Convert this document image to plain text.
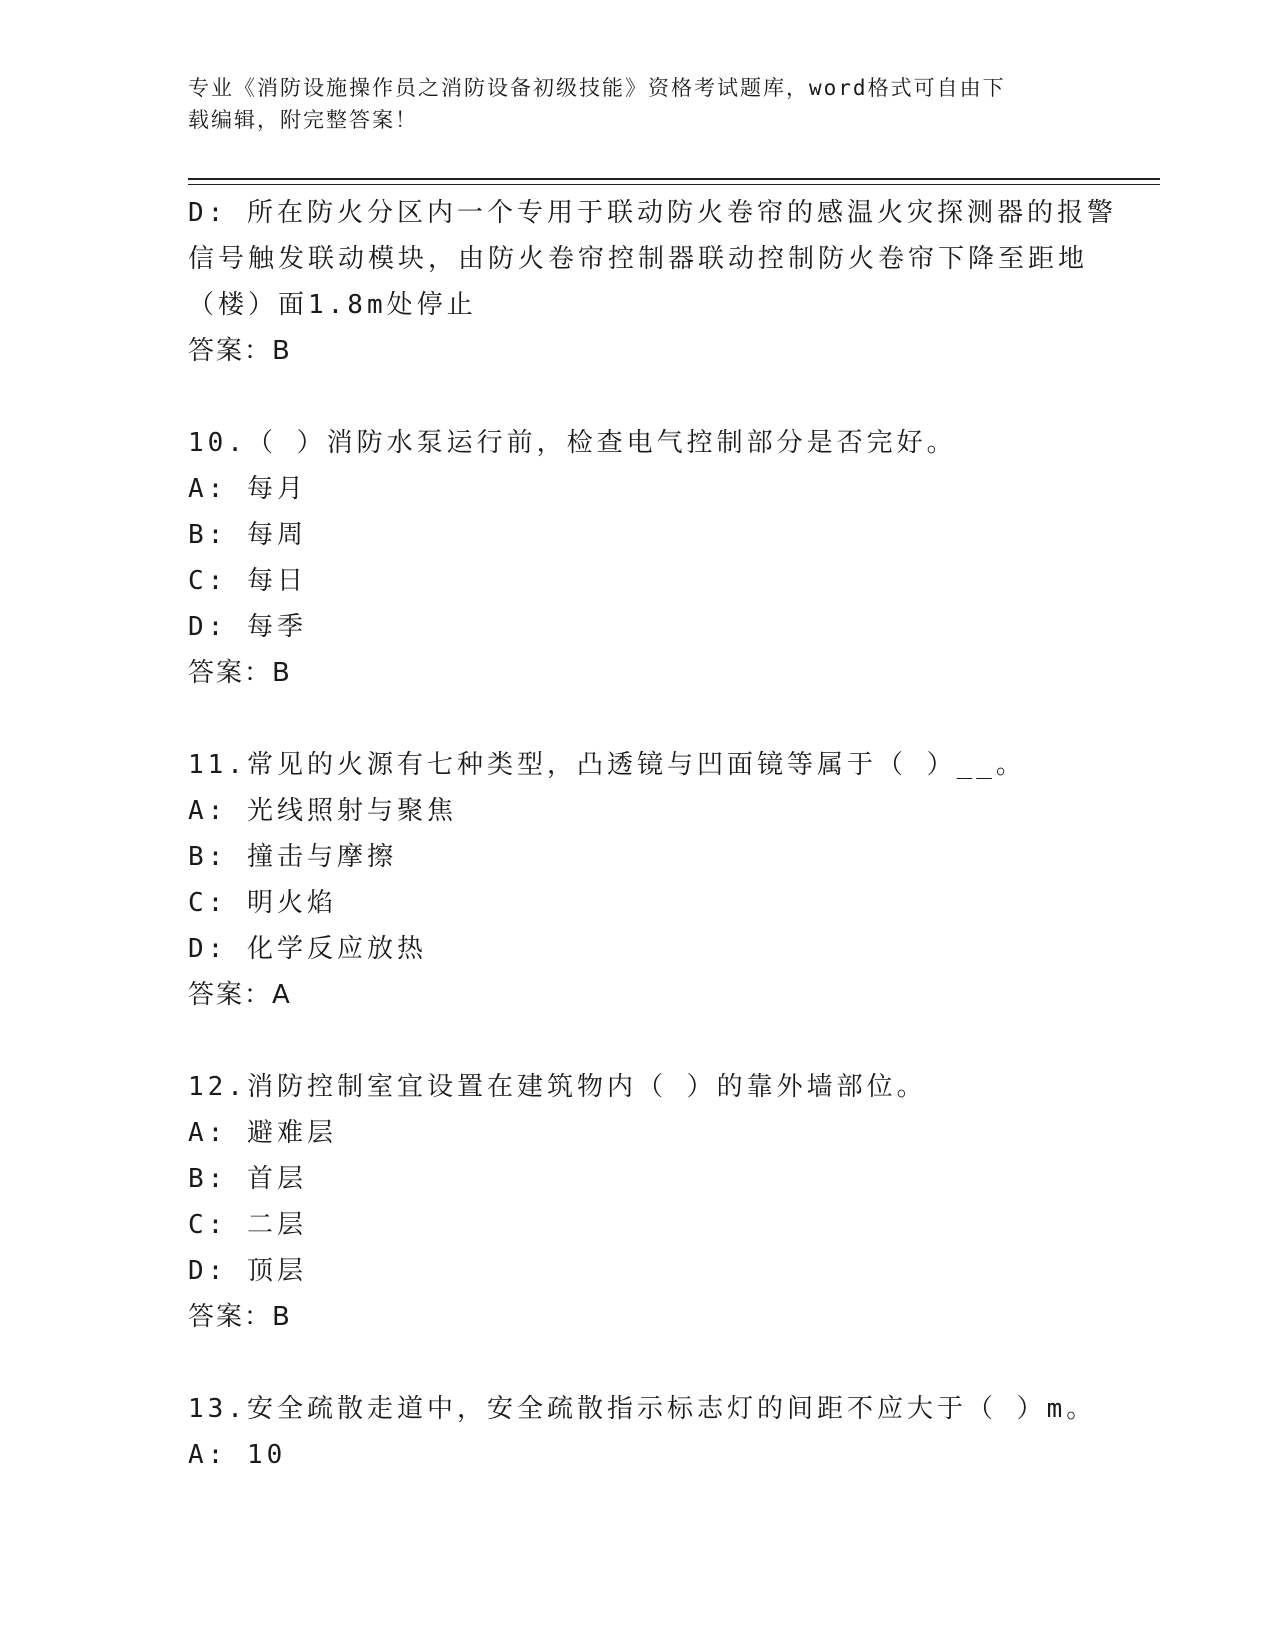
专业《消防设施操作员之消防设备初级技能》资格考试题库，word格式可自由下
载编辑，附完整答案！
D: 所在防火分区内一个专用于联动防火卷帘的感温火灾探测器的报警
信号触发联动模块，由防火卷帘控制器联动控制防火卷帘下降至距地
（楼）面1.8m处停止
答案：B
10.（ ）消防水泵运行前，检查电气控制部分是否完好。
A: 每月
B: 每周
C: 每日
D: 每季
答案：B
11.常见的火源有七种类型，凸透镜与凹面镜等属于（ ）__。
A: 光线照射与聚焦
B: 撞击与摩擦
C: 明火焰
D: 化学反应放热
答案：A
12.消防控制室宜设置在建筑物内（ ）的靠外墙部位。
A: 避难层
B: 首层
C: 二层
D: 顶层
答案：B
13.安全疏散走道中，安全疏散指示标志灯的间距不应大于（ ）m。
A: 10
